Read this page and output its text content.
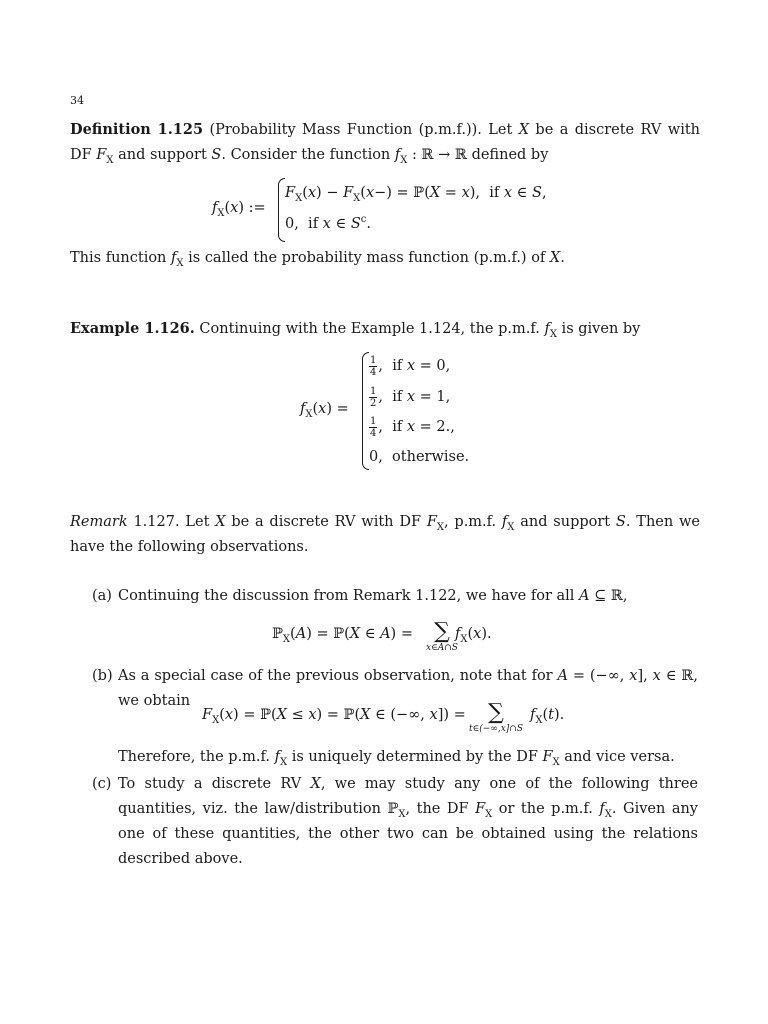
34
Definition 1.125 (Probability Mass Function (p.m.f.)). Let X be a discrete RV with DF $F_X$ and support S. Consider the function $f_X$ : ℝ → ℝ defined by
$f_X(x)$ :=
$F_X(x) - F_X(x-)$ = ℙ(X = x),  if x ∈ S,
0,  if x ∈ $S^c$.
This function $f_X$ is called the probability mass function (p.m.f.) of X.
Example 1.126. Continuing with the Example 1.124, the p.m.f. $f_X$ is given by
$f_X(x)$ =
$\frac{1}{4}$ ,  if x = 0,
$\frac{1}{2}$ ,  if x = 1,
$\frac{1}{4}$ ,  if x = 2.,
0,  otherwise.
Remark 1.127. Let X be a discrete RV with DF $F_X$, p.m.f. $f_X$ and support S. Then we have the following observations.
(a) Continuing the discussion from Remark 1.122, we have for all A ⊆ ℝ,
ℙ$_X$(A) = ℙ(X ∈ A) = ∑
x∈A∩S
$f_X(x)$.
(b) As a special case of the previous observation, note that for A = (−∞, x], x ∈ ℝ, we obtain
$F_X(x)$ = ℙ(X ≤ x) = ℙ(X ∈ (−∞, x]) =	∑
t∈(−∞,x]∩S
$f_X(t)$.
Therefore, the p.m.f. $f_X$ is uniquely determined by the DF $F_X$ and vice versa.
(c) To study a discrete RV X, we may study any one of the following three quantities, viz. the law/distribution ℙ$_X$, the DF $F_X$ or the p.m.f. $f_X$. Given any one of these quantities, the other two can be obtained using the relations described above.
